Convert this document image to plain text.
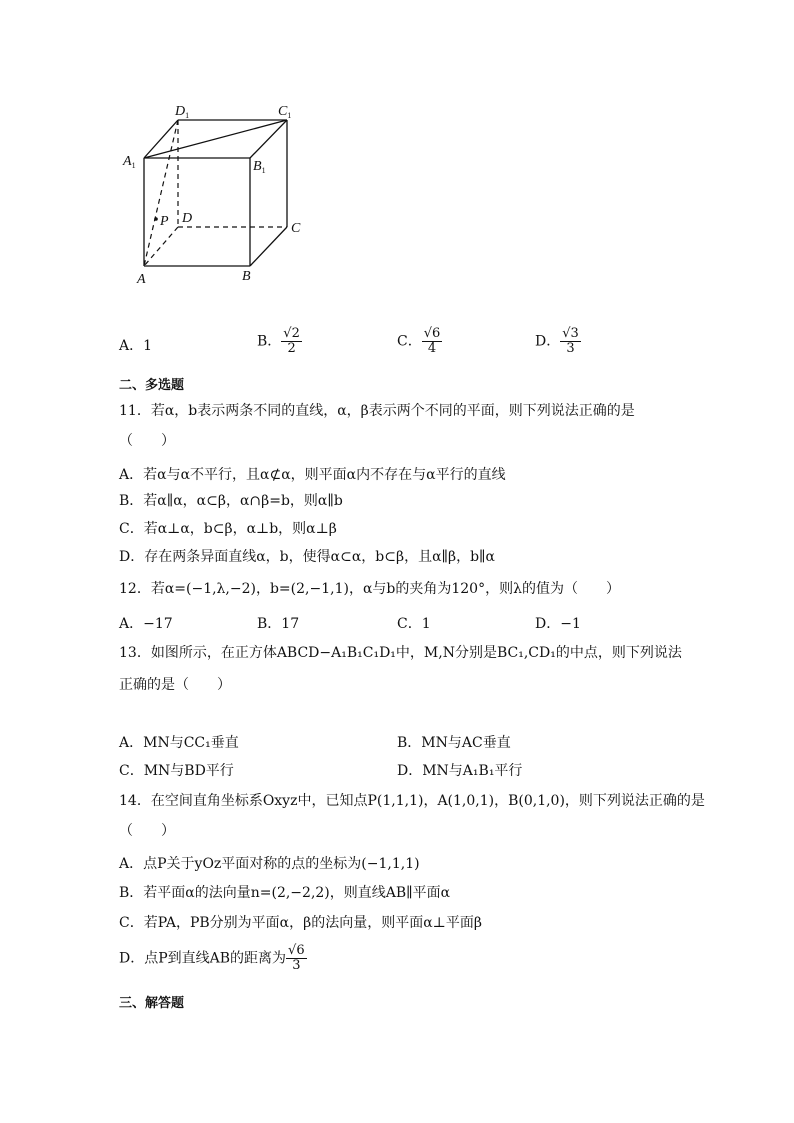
$D_1$	$C_1$
$A_1$	$B_1$
D
P	C
A	B
A．1	B． $\frac{√2}{2}$	C． $\frac{√6}{4}$	D． $\frac{√3}{3}$
二、多选题
11．若α，b表示两条不同的直线，α，β表示两个不同的平面，则下列说法正确的是
（　　）
A．若α与α不平行，且α⊄α，则平面α内不存在与α平行的直线
B．若α∥α，α⊂β，α∩β=b，则α∥b
C．若α⊥α，b⊂β，α⊥b，则α⊥β
D．存在两条异面直线α，b，使得α⊂α，b⊂β，且α∥β，b∥α
12．若α=(−1,λ,−2)，b=(2,−1,1)，α与b的夹角为120°，则λ的值为（　　）
A．−17	B．17	C．1	D．−1
13．如图所示，在正方体ABCD−A₁B₁C₁D₁中，M,N分别是BC₁,CD₁的中点，则下列说法
正确的是（　　）
A．MN与CC₁垂直	B．MN与AC垂直
C．MN与BD平行	D．MN与A₁B₁平行
14．在空间直角坐标系Oxyz中，已知点P(1,1,1)，A(1,0,1)，B(0,1,0)，则下列说法正确的是
（　　）
A．点P关于yOz平面对称的点的坐标为(−1,1,1)
B．若平面α的法向量n=(2,−2,2)，则直线AB∥平面α
C．若PA，PB分别为平面α，β的法向量，则平面α⊥平面β
D．点P到直线AB的距离为 $\frac{√6}{3}$
三、解答题
